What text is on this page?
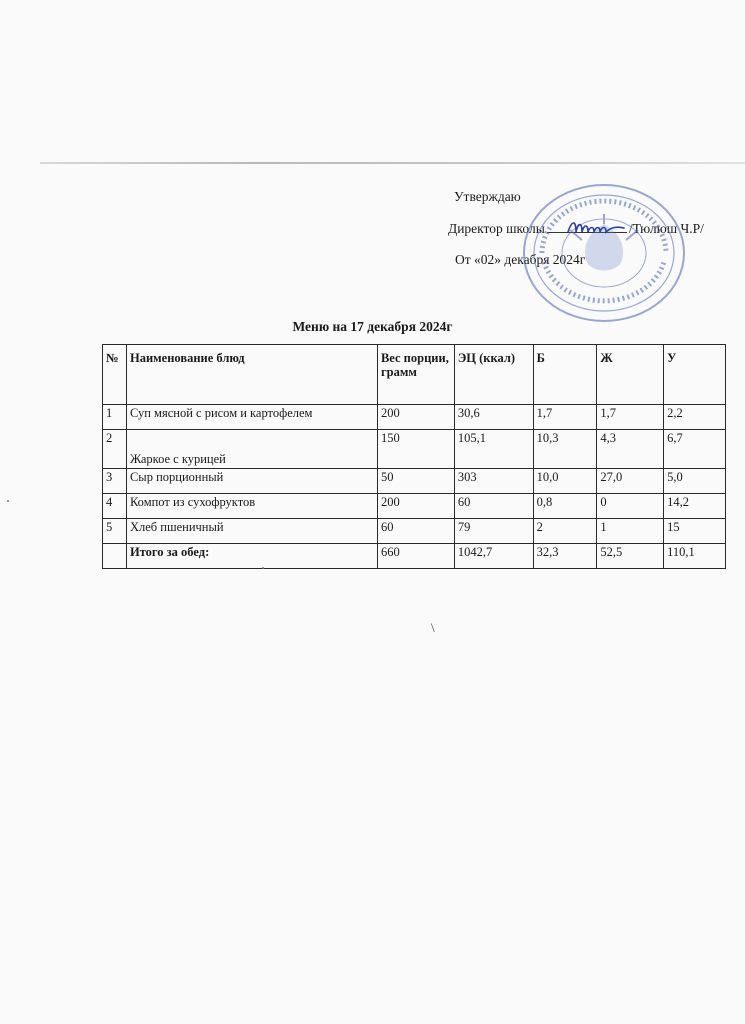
Утверждаю
Директор школы	/Тюлюш Ч.Р/
От «02» декабря 2024г
Меню на 17 декабря 2024г
№	Наименование блюд	Вес порции, грамм	ЭЦ (ккал)	Б	Ж	У
1	Суп мясной с рисом и картофелем	200	30,6	1,7	1,7	2,2
2	Жаркое с курицей	150	105,1	10,3	4,3	6,7
3	Сыр порционный	50	303	10,0	27,0	5,0
4	Компот из сухофруктов	200	60	0,8	0	14,2
5	Хлеб пшеничный	60	79	2	1	15
	Итого за обед:	660	1042,7	32,3	52,5	110,1
\
